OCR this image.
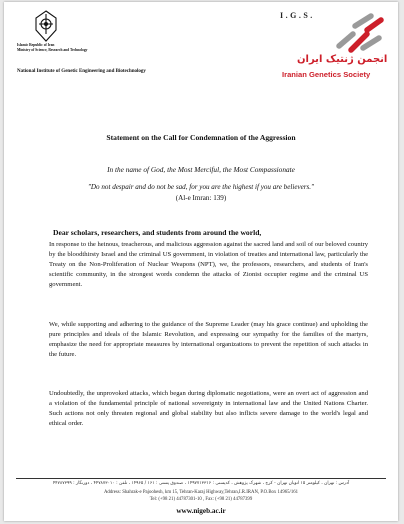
Islamic Republic of Iran
Ministry of Science, Research and Technology
National Institute of Genetic Engineering and Biotechnology
I.G.S.
انجمن ژنتیک ایران
Iranian Genetics Society
Statement on the Call for Condemnation of the Aggression
In the name of God, the Most Merciful, the Most Compassionate
"Do not despair and do not be sad, for you are the highest if you are believers."
(Al-e Imran: 139)
Dear scholars, researchers, and students from around the world,

In response to the heinous, treacherous, and malicious aggression against the sacred land and soil of our beloved country by the bloodthirsty Israel and the criminal US government, in violation of treaties and international law, particularly the Treaty on the Non-Proliferation of Nuclear Weapons (NPT), we, the professors, researchers, and students of Iran's scientific community, in the strongest words condemn the attacks of Zionist occupier regime and the criminal US government.

We, while supporting and adhering to the guidance of the Supreme Leader (may his grace continue) and upholding the pure principles and ideals of the Islamic Revolution, and expressing our sympathy for the families of the martyrs, emphasize the need for appropriate measures by international organizations to prevent the repetition of such attacks in the future.

Undoubtedly, the unprovoked attacks, which began during diplomatic negotiations, were an overt act of aggression and a violation of the fundamental principle of national sovereignty in international law and the United Nations Charter. Such actions not only threaten regional and global stability but also inflicts severe damage to the world's legal and ethical order.

آدرس : تهران ، کیلومتر ۱۵ اتوبان تهران - کرج ، شهرک پژوهش ، کدپستی : ۱۴۹۷۷۱۳۳۱۶ ، صندوق پستی : ۱۶۱ / ۱۴۹۶۵ ، تلفن : ۴۴۷۸۷۳۰۱۰ ، دورنگار : ۴۴۷۸۷۳۹۹
Address: Shahrak-e Pajoohesh, km 15, Tehran-Karaj Highway,Tehran,I.R.IRAN, P.O.Box 14965/161
Tel: (+98 21) 44787301-10 , Fax: (+98 21) 44787399
www.nigeb.ac.ir
